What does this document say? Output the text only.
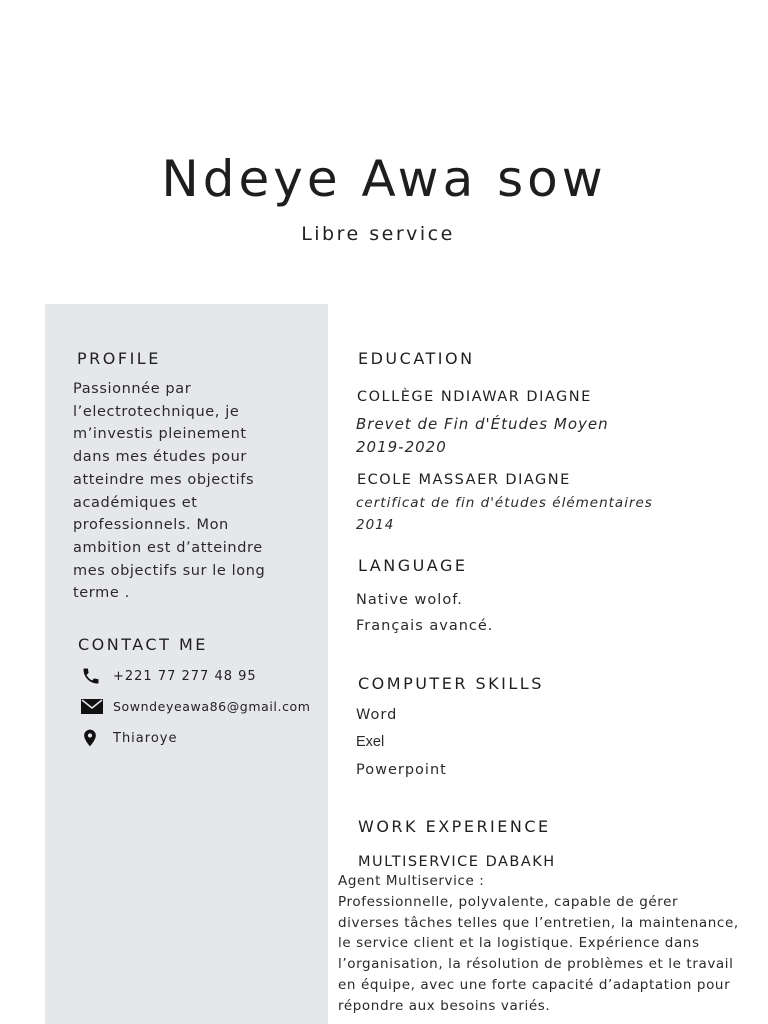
Ndeye Awa sow
Libre service
PROFILE
Passionnée par
l’electrotechnique, je
m’investis pleinement
dans mes études pour
atteindre mes objectifs
académiques et
professionnels. Mon
ambition est d’atteindre
mes objectifs sur le long
terme .
CONTACT ME
+221 77 277 48 95
Sowndeyeawa86@gmail.com
Thiaroye
EDUCATION
COLLÈGE NDIAWAR DIAGNE
Brevet de Fin d'Études Moyen
2019-2020
ECOLE MASSAER DIAGNE
certificat de fin d'études élémentaires
2014
LANGUAGE
Native wolof.
Français avancé.
COMPUTER SKILLS
Word
Exel
Powerpoint
WORK EXPERIENCE
MULTISERVICE DABAKH
Agent Multiservice :
Professionnelle, polyvalente, capable de gérer
diverses tâches telles que l’entretien, la maintenance,
le service client et la logistique. Expérience dans
l’organisation, la résolution de problèmes et le travail
en équipe, avec une forte capacité d’adaptation pour
répondre aux besoins variés.
